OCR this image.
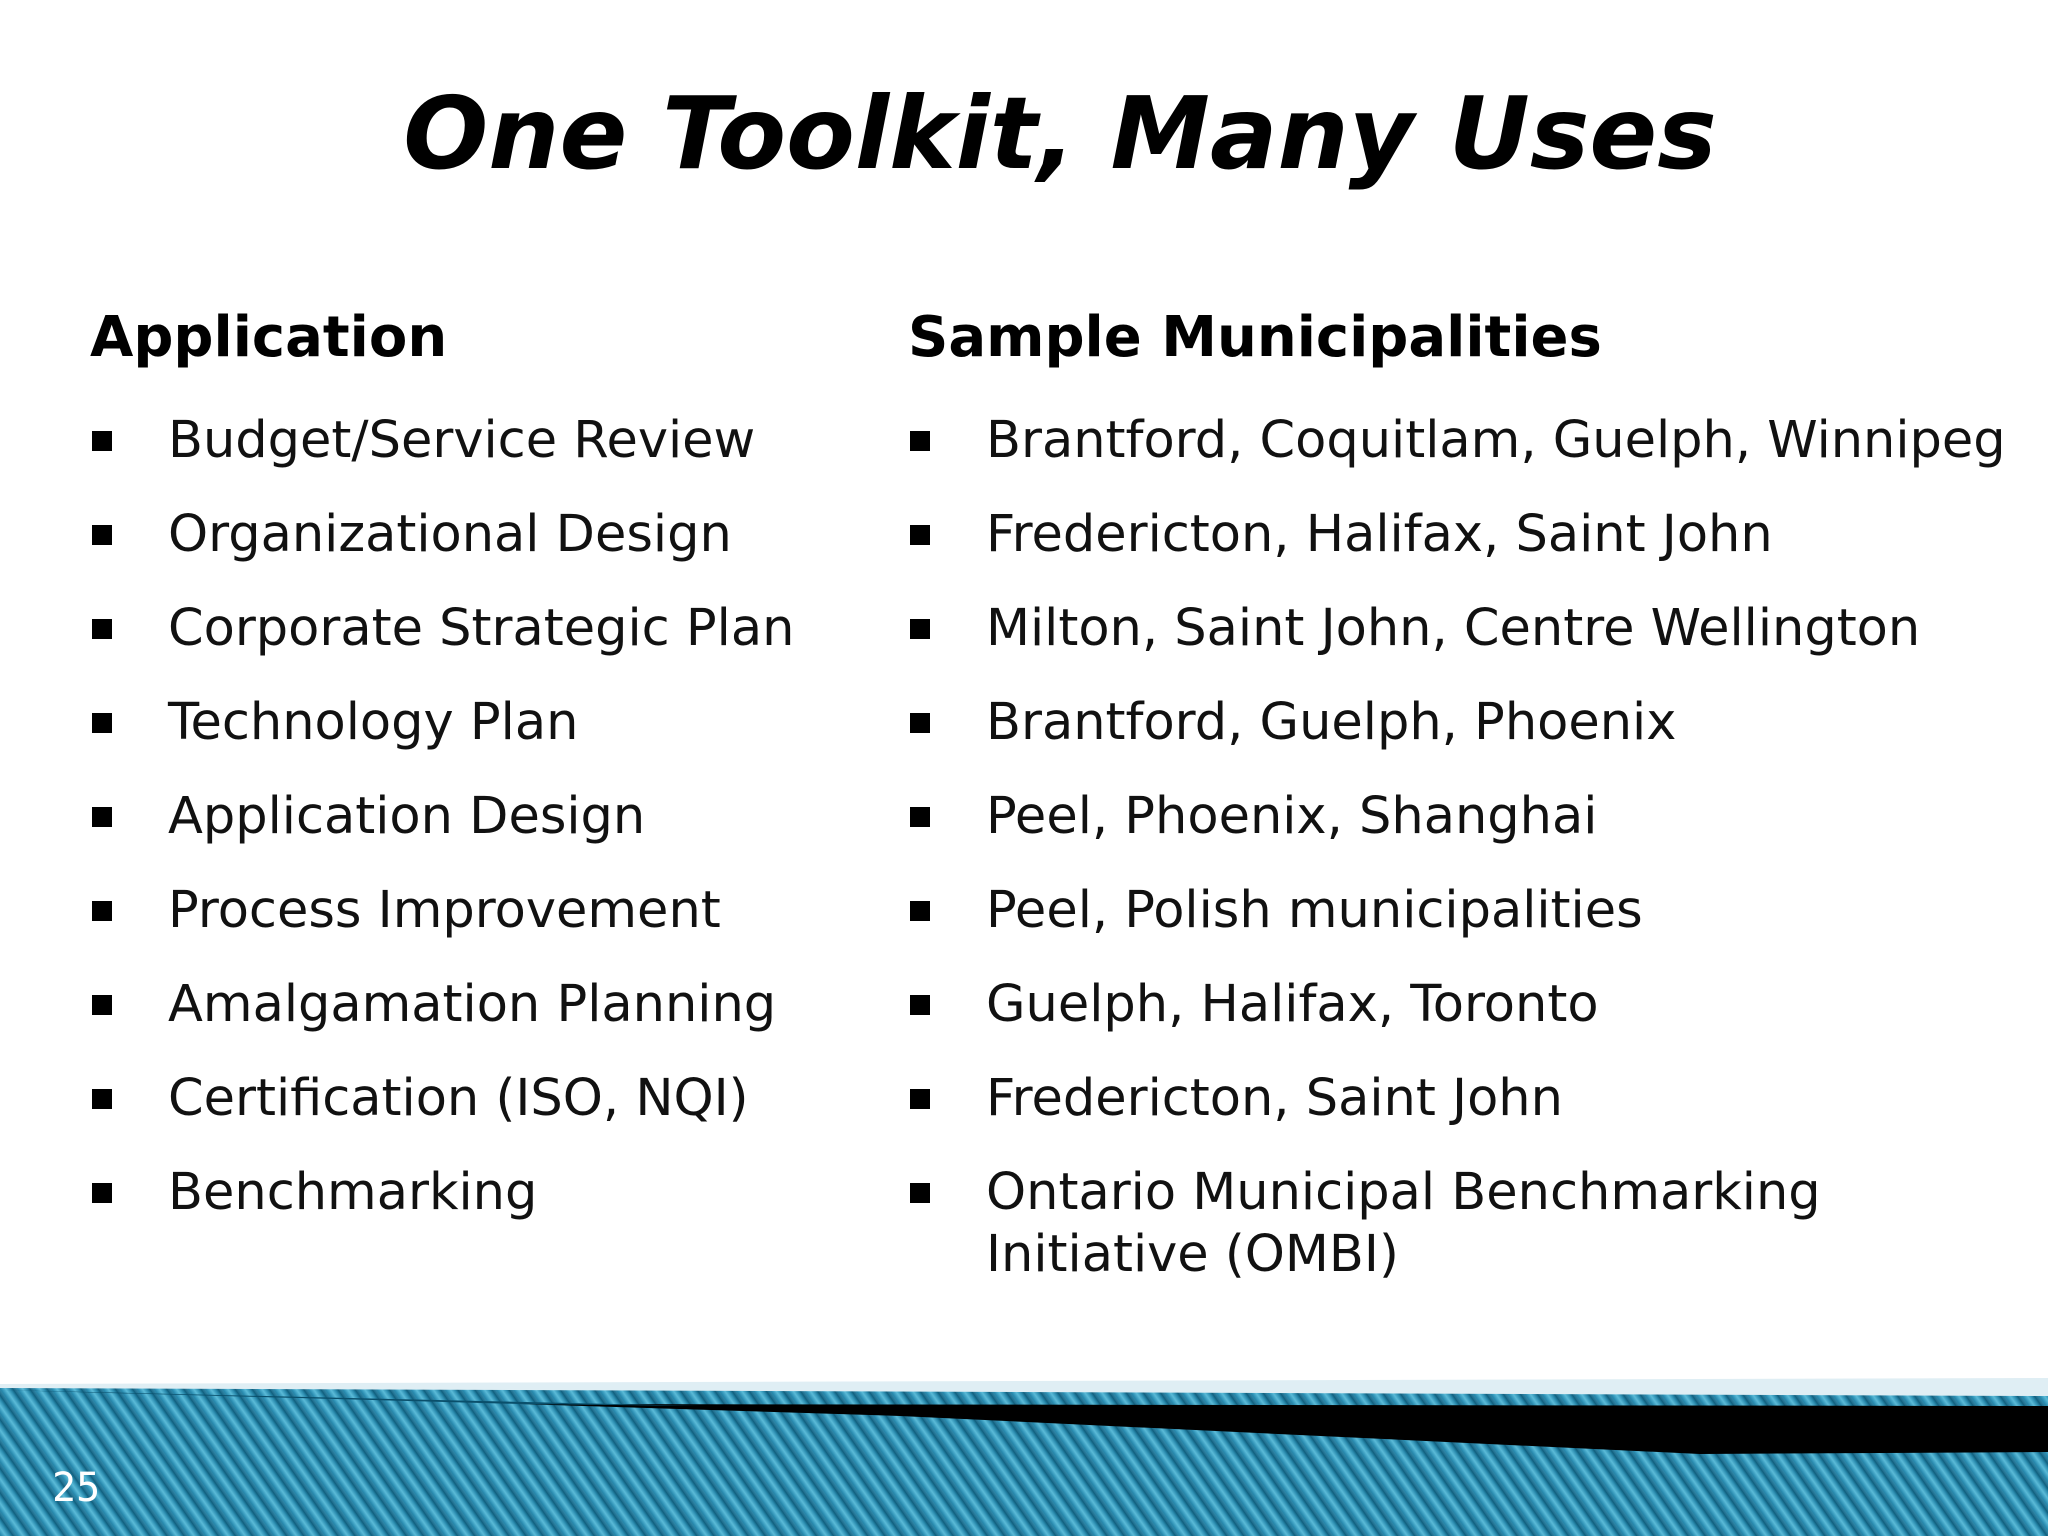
One Toolkit, Many Uses
Application
Budget/Service Review
Organizational Design
Corporate Strategic Plan
Technology Plan
Application Design
Process Improvement
Amalgamation Planning
Certification (ISO, NQI)
Benchmarking
Sample Municipalities
Brantford, Coquitlam, Guelph, Winnipeg
Fredericton, Halifax, Saint John
Milton, Saint John, Centre Wellington
Brantford, Guelph, Phoenix
Peel, Phoenix, Shanghai
Peel, Polish municipalities
Guelph, Halifax, Toronto
Fredericton, Saint John
Ontario Municipal Benchmarking Initiative (OMBI)
25
